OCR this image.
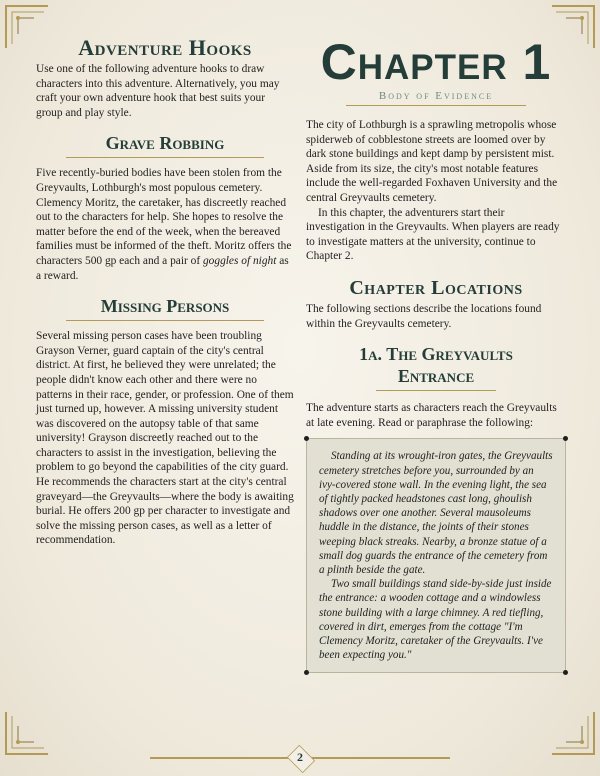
Adventure Hooks

Use one of the following adventure hooks to draw characters into this adventure. Alternatively, you may craft your own adventure hook that best suits your group and play style.

Grave Robbing

Five recently-buried bodies have been stolen from the Greyvaults, Lothburgh's most populous cemetery. Clemency Moritz, the caretaker, has discreetly reached out to the characters for help. She hopes to resolve the matter before the end of the week, when the bereaved families must be informed of the theft. Moritz offers the characters 500 gp each and a pair of goggles of night as a reward.

Missing Persons

Several missing person cases have been troubling Grayson Verner, guard captain of the city's central district. At first, he believed they were unrelated; the people didn't know each other and there were no patterns in their race, gender, or profession. One of them just turned up, however. A missing university student was discovered on the autopsy table of that same university! Grayson discreetly reached out to the characters to assist in the investigation, believing the problem to go beyond the capabilities of the city guard. He recommends the characters start at the city's central graveyard—the Greyvaults—where the body is awaiting burial. He offers 200 gp per character to investigate and solve the missing person cases, as well as a letter of recommendation.

Chapter 1
Body of Evidence

The city of Lothburgh is a sprawling metropolis whose spiderweb of cobblestone streets are loomed over by dark stone buildings and kept damp by persistent mist. Aside from its size, the city's most notable features include the well-regarded Foxhaven University and the central Greyvaults cemetery.

In this chapter, the adventurers start their investigation in the Greyvaults. When players are ready to investigate matters at the university, continue to Chapter 2.

Chapter Locations

The following sections describe the locations found within the Greyvaults cemetery.

1a. The Greyvaults
Entrance

The adventure starts as characters reach the Greyvaults at late evening. Read or paraphrase the following:

Standing at its wrought-iron gates, the Greyvaults cemetery stretches before you, surrounded by an ivy-covered stone wall. In the evening light, the sea of tightly packed headstones cast long, ghoulish shadows over one another. Several mausoleums huddle in the distance, the joints of their stones weeping black streaks. Nearby, a bronze statue of a small dog guards the entrance of the cemetery from a plinth beside the gate.

Two small buildings stand side-by-side just inside the entrance: a wooden cottage and a windowless stone building with a large chimney. A red tiefling, covered in dirt, emerges from the cottage "I'm Clemency Moritz, caretaker of the Greyvaults. I've been expecting you."

2
